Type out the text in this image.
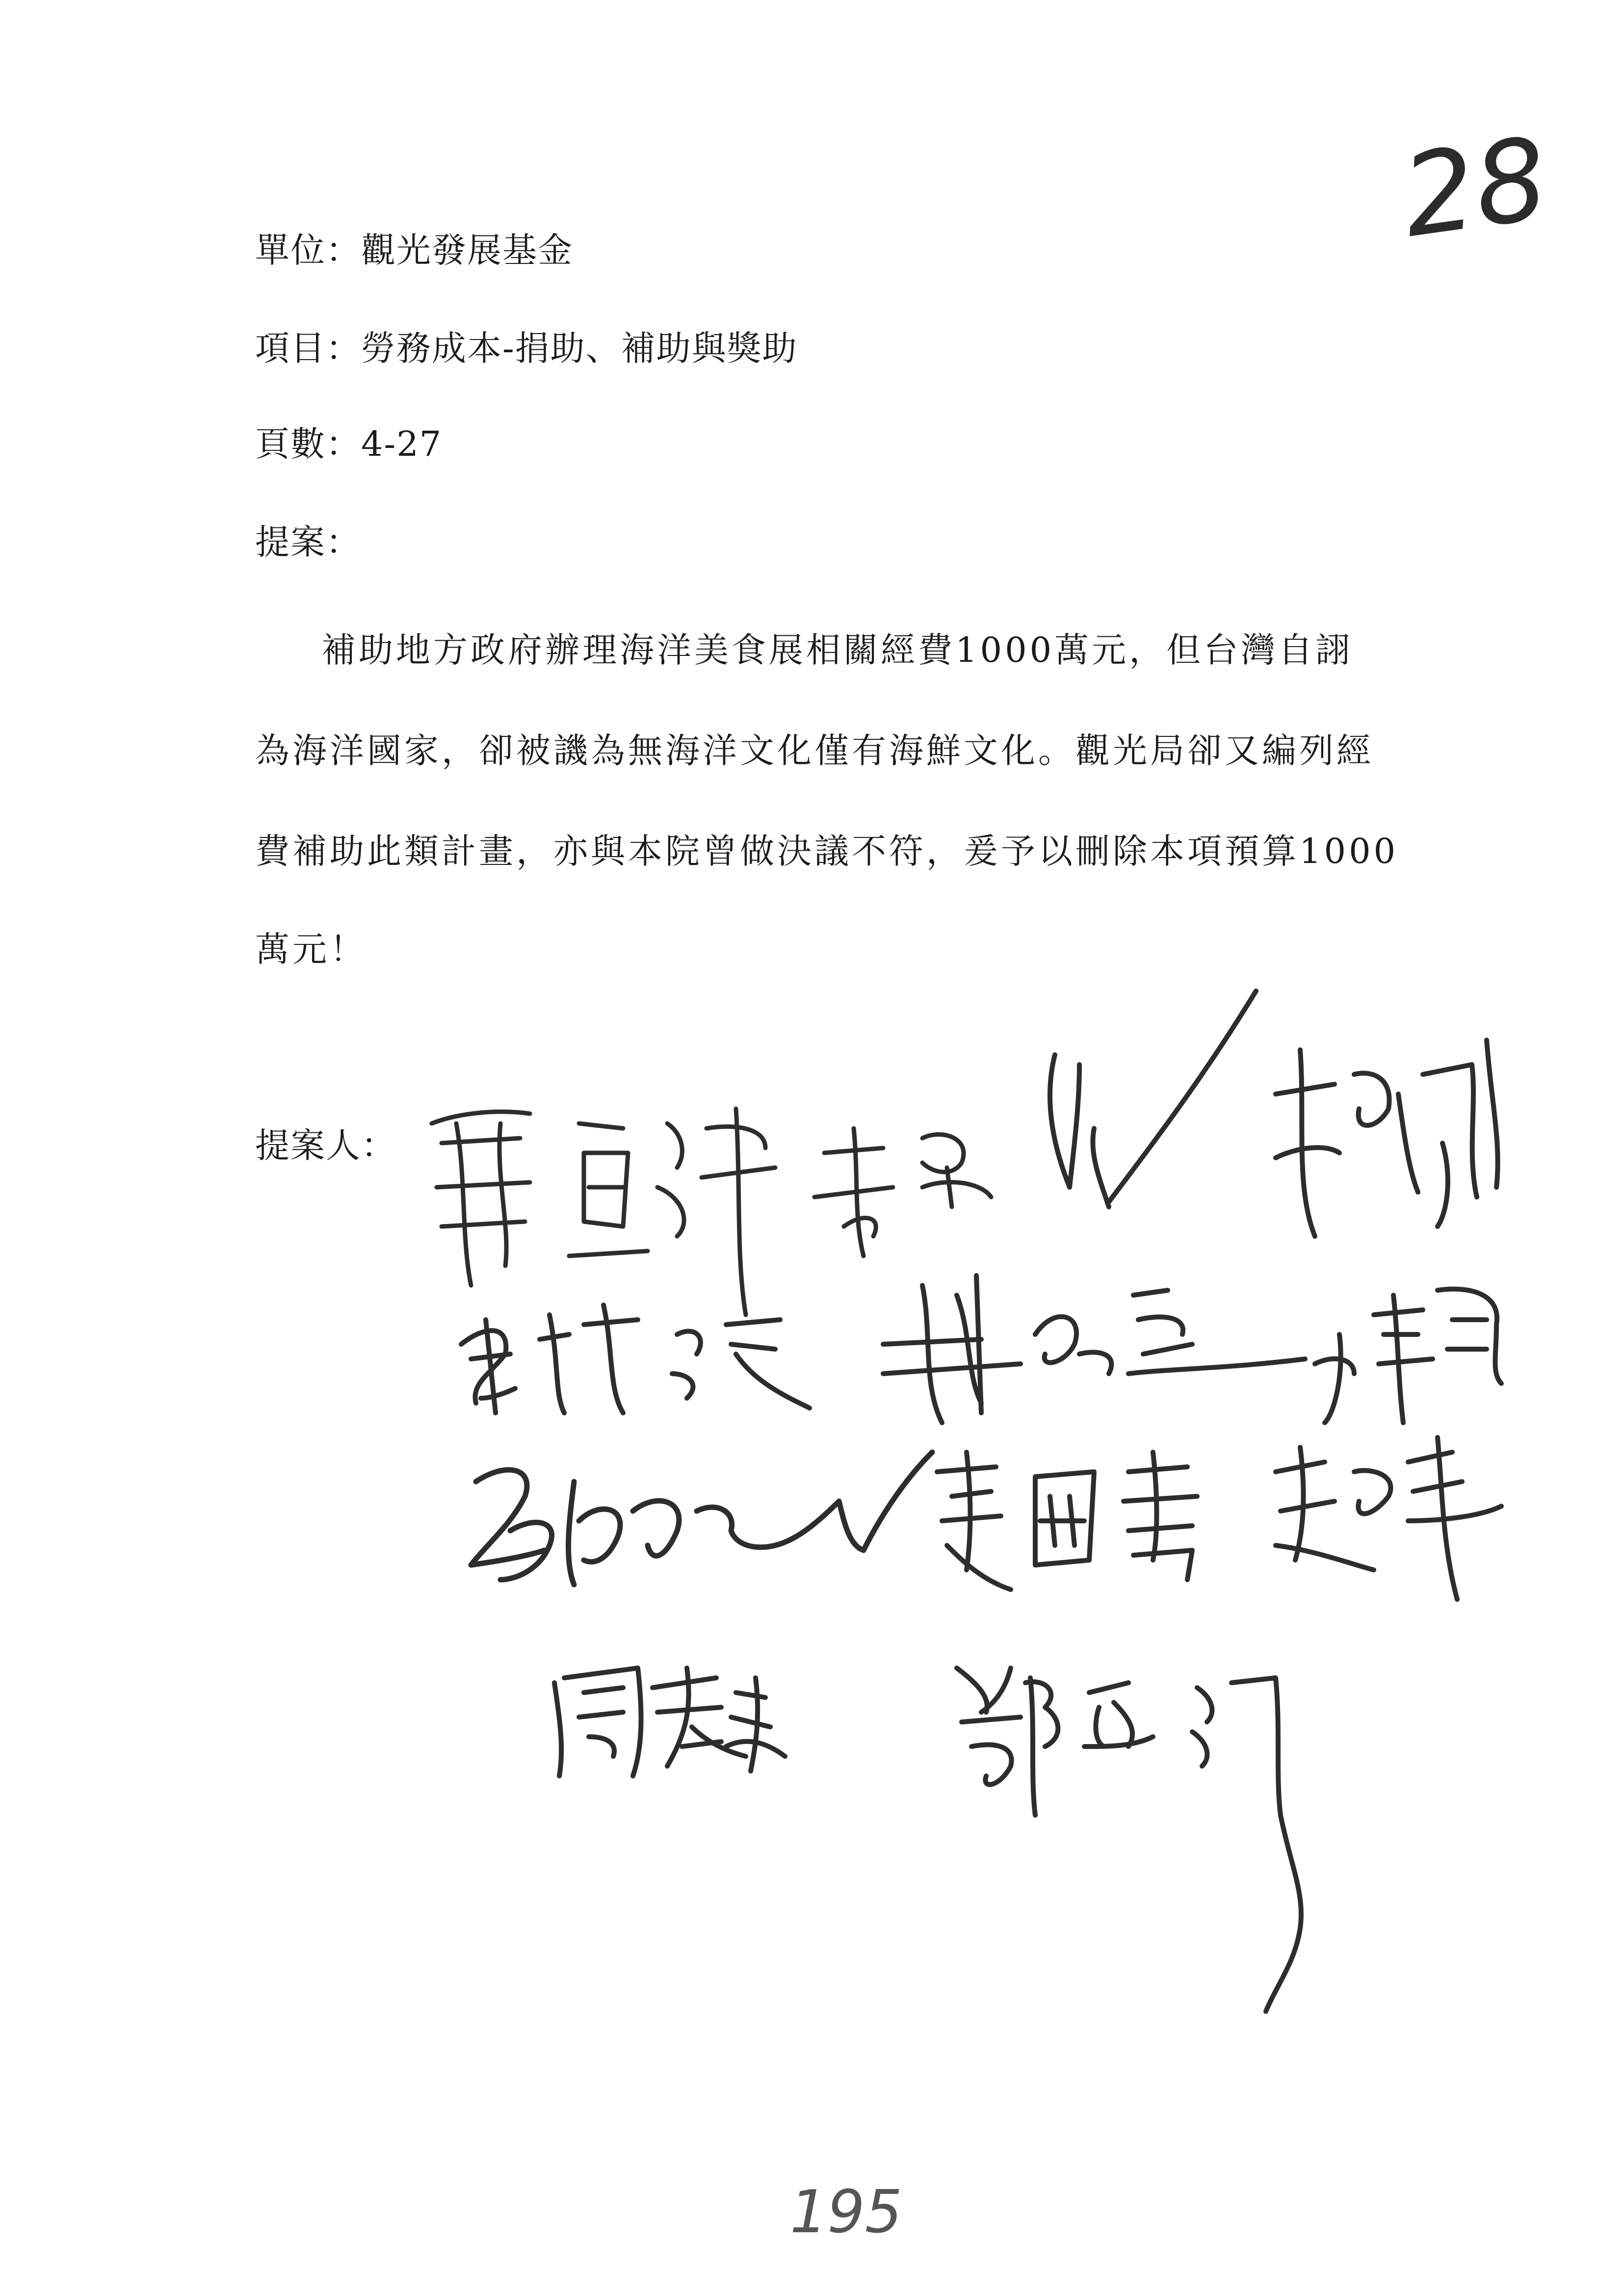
28
單位：觀光發展基金
項目：勞務成本-捐助、補助與獎助
頁數：4-27
提案：
補助地方政府辦理海洋美食展相關經費1000萬元，但台灣自詡
為海洋國家，卻被譏為無海洋文化僅有海鮮文化。觀光局卻又編列經
費補助此類計畫，亦與本院曾做決議不符，爰予以刪除本項預算1000
萬元！
提案人：
195
